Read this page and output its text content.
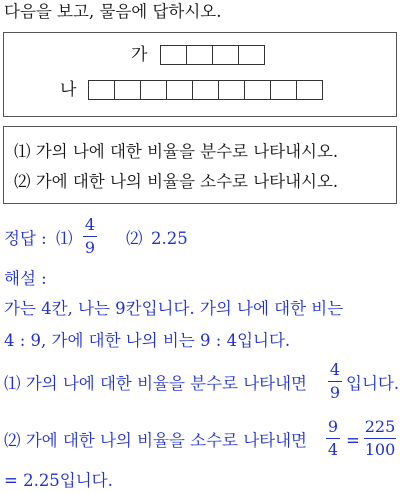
다음을 보고, 물음에 답하시오.
가
나
⑴ 가의 나에 대한 비율을 분수로 나타내시오.
⑵ 가에 대한 나의 비율을 소수로 나타내시오.
정답 : ⑴
4
9 ⑵ 2.25
해설 :
가는 4칸, 나는 9칸입니다. 가의 나에 대한 비는
4 : 9, 가에 대한 나의 비는 9 : 4입니다.
⑴ 가의 나에 대한 비율을 분수로 나타내면
4
9 입니다.
⑵ 가에 대한 나의 비율을 소수로 나타내면
9
4 =
225
100
= 2.25입니다.
